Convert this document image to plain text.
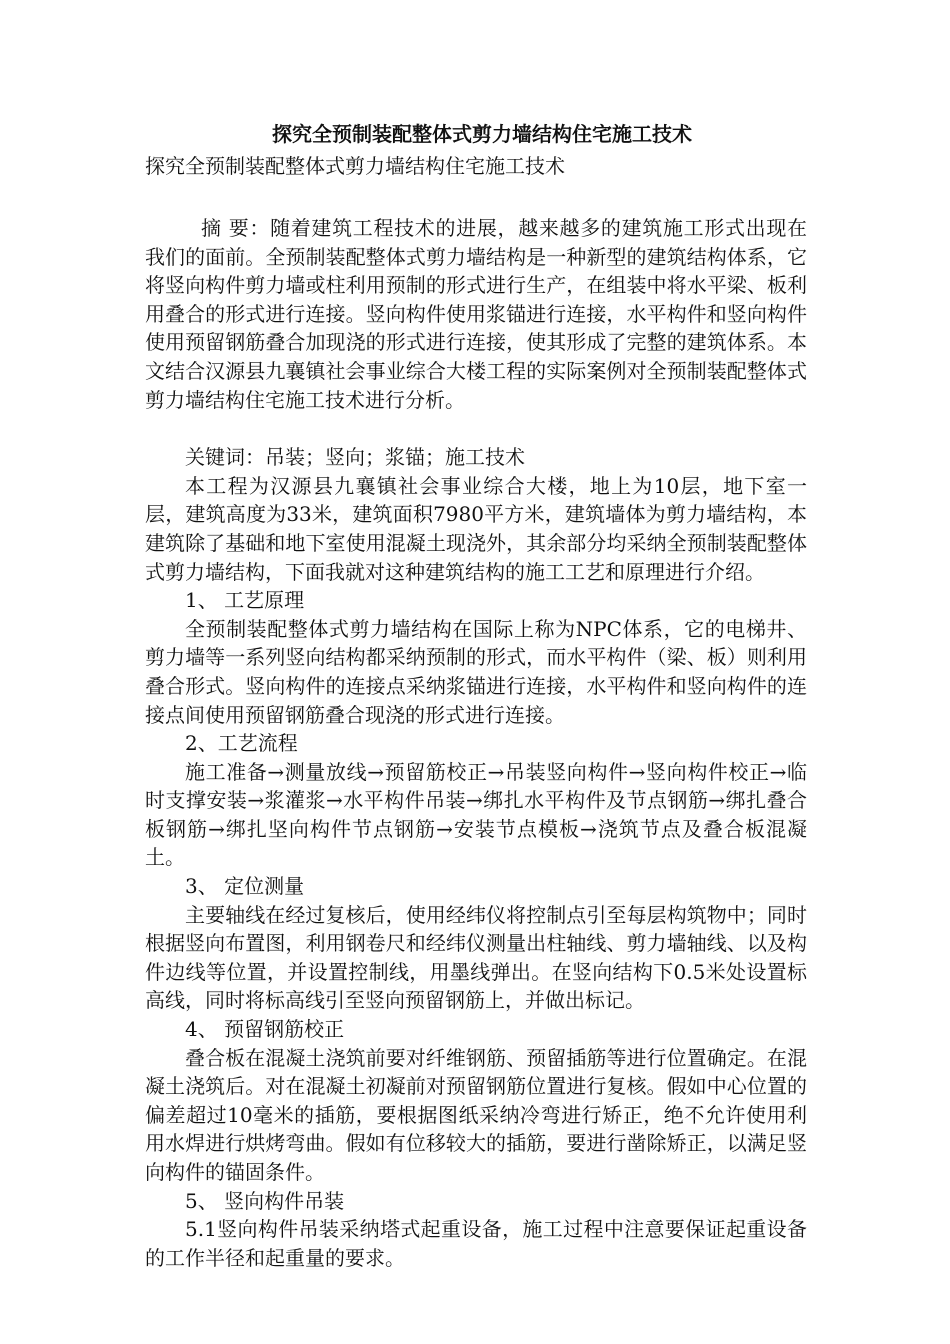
探究全预制装配整体式剪力墙结构住宅施工技术

探究全预制装配整体式剪力墙结构住宅施工技术

摘 要：随着建筑工程技术的进展，越来越多的建筑施工形式出现在我们的面前。全预制装配整体式剪力墙结构是一种新型的建筑结构体系，它将竖向构件剪力墙或柱利用预制的形式进行生产，在组装中将水平梁、板利用叠合的形式进行连接。竖向构件使用浆锚进行连接，水平构件和竖向构件使用预留钢筋叠合加现浇的形式进行连接，使其形成了完整的建筑体系。本文结合汉源县九襄镇社会事业综合大楼工程的实际案例对全预制装配整体式剪力墙结构住宅施工技术进行分析。

关键词：吊装；竖向；浆锚；施工技术

本工程为汉源县九襄镇社会事业综合大楼，地上为10层，地下室一层，建筑高度为33米，建筑面积7980平方米，建筑墙体为剪力墙结构，本建筑除了基础和地下室使用混凝土现浇外，其余部分均采纳全预制装配整体式剪力墙结构，下面我就对这种建筑结构的施工工艺和原理进行介绍。

1、 工艺原理

全预制装配整体式剪力墙结构在国际上称为NPC体系，它的电梯井、剪力墙等一系列竖向结构都采纳预制的形式，而水平构件（梁、板）则利用叠合形式。竖向构件的连接点采纳浆锚进行连接，水平构件和竖向构件的连接点间使用预留钢筋叠合现浇的形式进行连接。

2、工艺流程

施工准备→测量放线→预留筋校正→吊装竖向构件→竖向构件校正→临时支撑安装→浆灌浆→水平构件吊装→绑扎水平构件及节点钢筋→绑扎叠合板钢筋→绑扎坚向构件节点钢筋→安装节点模板→浇筑节点及叠合板混凝土。

3、 定位测量

主要轴线在经过复核后，使用经纬仪将控制点引至每层构筑物中；同时根据竖向布置图，利用钢卷尺和经纬仪测量出柱轴线、剪力墙轴线、以及构件边线等位置，并设置控制线，用墨线弹出。在竖向结构下0.5米处设置标高线，同时将标高线引至竖向预留钢筋上，并做出标记。

4、 预留钢筋校正

叠合板在混凝土浇筑前要对纤维钢筋、预留插筋等进行位置确定。在混凝土浇筑后。对在混凝土初凝前对预留钢筋位置进行复核。假如中心位置的偏差超过10毫米的插筋，要根据图纸采纳冷弯进行矫正，绝不允许使用利用水焊进行烘烤弯曲。假如有位移较大的插筋，要进行凿除矫正，以满足竖向构件的锚固条件。

5、 竖向构件吊装

5.1竖向构件吊装采纳塔式起重设备，施工过程中注意要保证起重设备的工作半径和起重量的要求。
